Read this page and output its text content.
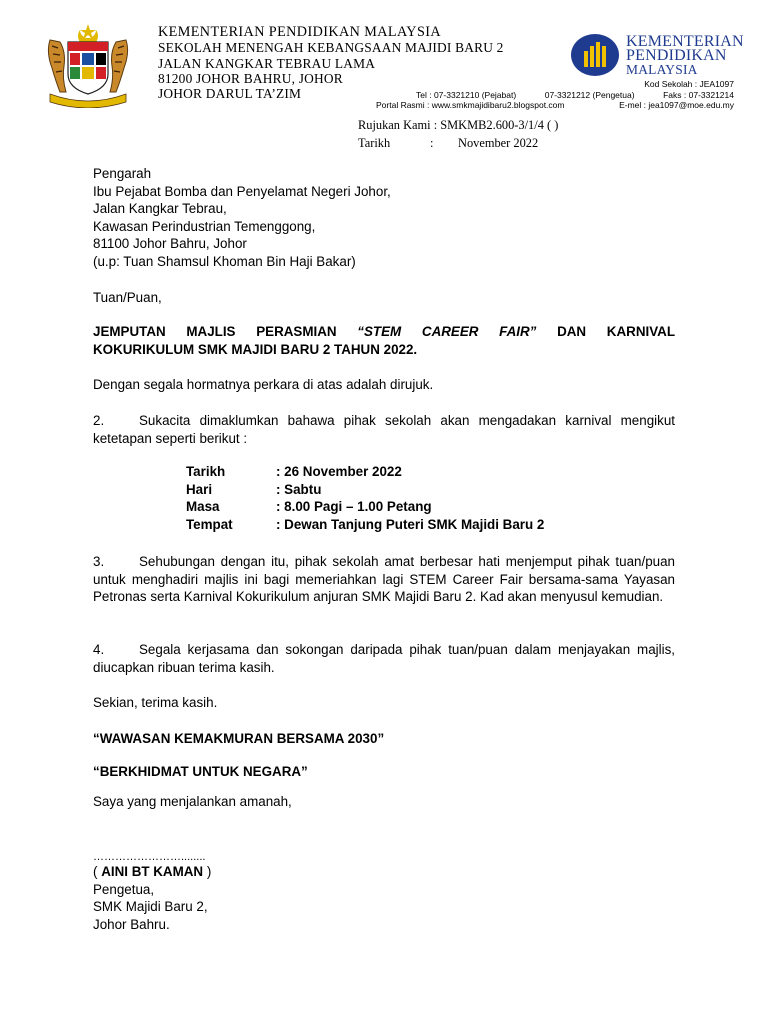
KEMENTERIAN PENDIDIKAN MALAYSIA
SEKOLAH MENENGAH KEBANGSAAN MAJIDI BARU 2
JALAN KANGKAR TEBRAU LAMA
81200 JOHOR BAHRU, JOHOR
JOHOR DARUL TA’ZIM
KEMENTERIAN
PENDIDIKAN
MALAYSIA
Kod Sekolah : JEA1097
Tel : 07-3321210 (Pejabat)	07-3321212 (Pengetua)	Faks : 07-3321214
Portal Rasmi : www.smkmajidibaru2.blogspot.com	E-mel : jea1097@moe.edu.my
Rujukan Kami : SMKMB2.600-3/1/4 ( )
Tarikh	: November 2022
Pengarah
Ibu Pejabat Bomba dan Penyelamat Negeri Johor,
Jalan Kangkar Tebrau,
Kawasan Perindustrian Temenggong,
81100 Johor Bahru, Johor
(u.p: Tuan Shamsul Khoman Bin Haji Bakar)
Tuan/Puan,
JEMPUTAN MAJLIS PERASMIAN “STEM CAREER FAIR” DAN KARNIVAL
KOKURIKULUM SMK MAJIDI BARU 2 TAHUN 2022.
Dengan segala hormatnya perkara di atas adalah dirujuk.
2.	Sukacita dimaklumkan bahawa pihak sekolah akan mengadakan karnival mengikut ketetapan seperti berikut :
Tarikh	: 26 November 2022
Hari	: Sabtu
Masa	: 8.00 Pagi – 1.00 Petang
Tempat	: Dewan Tanjung Puteri SMK Majidi Baru 2
3.	Sehubungan dengan itu, pihak sekolah amat berbesar hati menjemput pihak tuan/puan untuk menghadiri majlis ini bagi memeriahkan lagi STEM Career Fair bersama-sama Yayasan Petronas serta Karnival Kokurikulum anjuran SMK Majidi Baru 2. Kad akan menyusul kemudian.
4.	Segala kerjasama dan sokongan daripada pihak tuan/puan dalam menjayakan majlis, diucapkan ribuan terima kasih.
Sekian, terima kasih.
“WAWASAN KEMAKMURAN BERSAMA 2030”
“BERKHIDMAT UNTUK NEGARA”
Saya yang menjalankan amanah,
……………………........
( AINI BT KAMAN )
Pengetua,
SMK Majidi Baru 2,
Johor Bahru.
